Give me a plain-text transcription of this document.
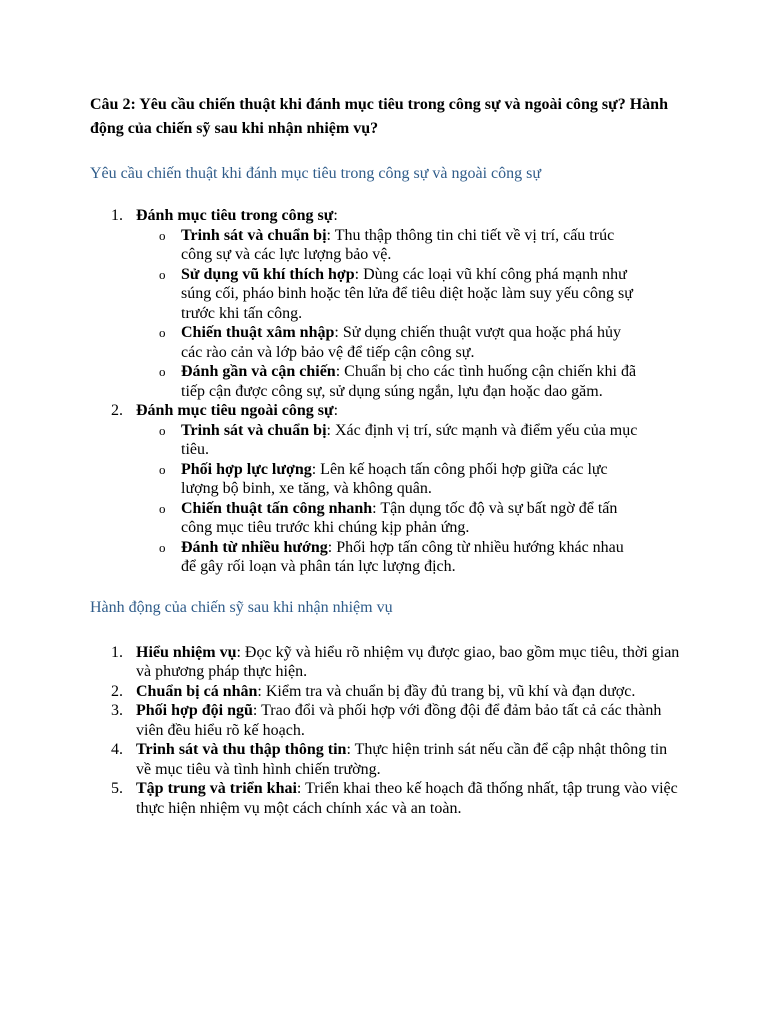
Câu 2: Yêu cầu chiến thuật khi đánh mục tiêu trong công sự và ngoài công sự? Hành động của chiến sỹ sau khi nhận nhiệm vụ?

Yêu cầu chiến thuật khi đánh mục tiêu trong công sự và ngoài công sự
1. Đánh mục tiêu trong công sự:
o Trinh sát và chuẩn bị: Thu thập thông tin chi tiết về vị trí, cấu trúc công sự và các lực lượng bảo vệ.
o Sử dụng vũ khí thích hợp: Dùng các loại vũ khí công phá mạnh như súng cối, pháo binh hoặc tên lửa để tiêu diệt hoặc làm suy yếu công sự trước khi tấn công.
o Chiến thuật xâm nhập: Sử dụng chiến thuật vượt qua hoặc phá hủy các rào cản và lớp bảo vệ để tiếp cận công sự.
o Đánh gần và cận chiến: Chuẩn bị cho các tình huống cận chiến khi đã tiếp cận được công sự, sử dụng súng ngắn, lựu đạn hoặc dao găm.
2. Đánh mục tiêu ngoài công sự:
o Trinh sát và chuẩn bị: Xác định vị trí, sức mạnh và điểm yếu của mục tiêu.
o Phối hợp lực lượng: Lên kế hoạch tấn công phối hợp giữa các lực lượng bộ binh, xe tăng, và không quân.
o Chiến thuật tấn công nhanh: Tận dụng tốc độ và sự bất ngờ để tấn công mục tiêu trước khi chúng kịp phản ứng.
o Đánh từ nhiều hướng: Phối hợp tấn công từ nhiều hướng khác nhau để gây rối loạn và phân tán lực lượng địch.
Hành động của chiến sỹ sau khi nhận nhiệm vụ
1. Hiểu nhiệm vụ: Đọc kỹ và hiểu rõ nhiệm vụ được giao, bao gồm mục tiêu, thời gian và phương pháp thực hiện.
2. Chuẩn bị cá nhân: Kiểm tra và chuẩn bị đầy đủ trang bị, vũ khí và đạn dược.
3. Phối hợp đội ngũ: Trao đổi và phối hợp với đồng đội để đảm bảo tất cả các thành viên đều hiểu rõ kế hoạch.
4. Trinh sát và thu thập thông tin: Thực hiện trinh sát nếu cần để cập nhật thông tin về mục tiêu và tình hình chiến trường.
5. Tập trung và triển khai: Triển khai theo kế hoạch đã thống nhất, tập trung vào việc thực hiện nhiệm vụ một cách chính xác và an toàn.
